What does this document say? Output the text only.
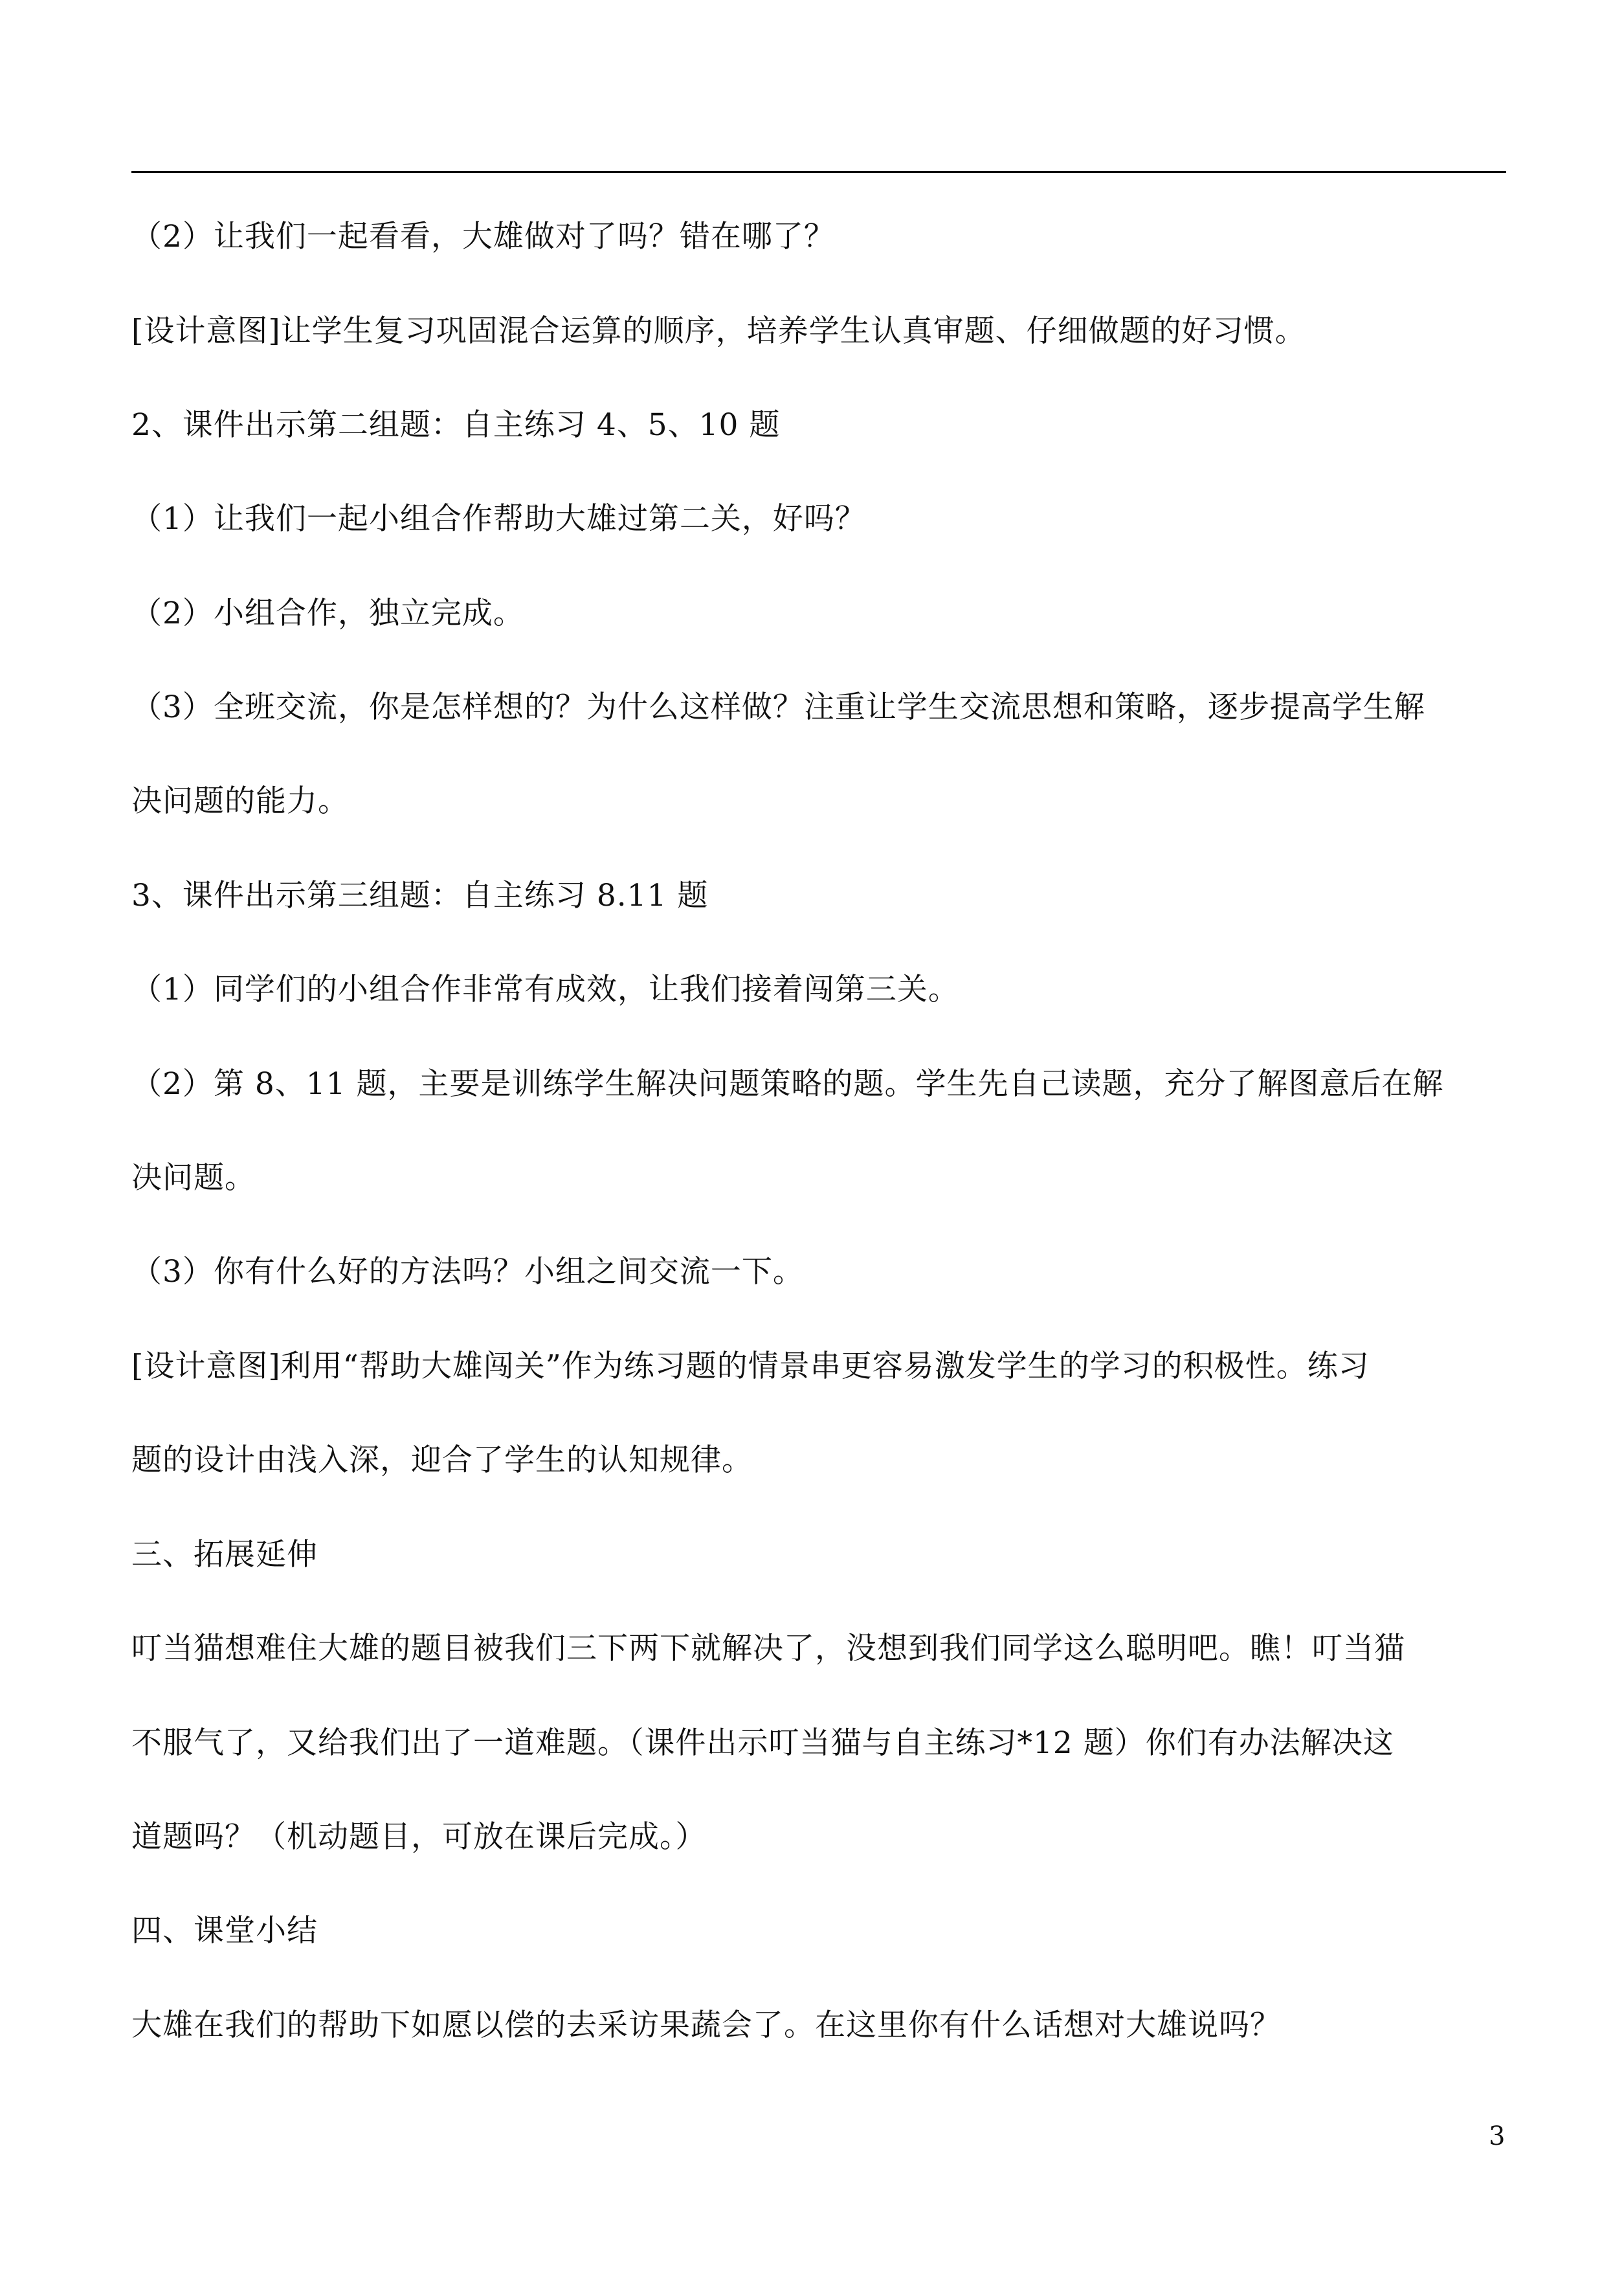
（2）让我们一起看看，大雄做对了吗？错在哪了？
[设计意图]让学生复习巩固混合运算的顺序，培养学生认真审题、仔细做题的好习惯。
2、课件出示第二组题：自主练习 4、5、10 题
（1）让我们一起小组合作帮助大雄过第二关，好吗？
（2）小组合作，独立完成。
（3）全班交流，你是怎样想的？为什么这样做？注重让学生交流思想和策略，逐步提高学生解
决问题的能力。
3、课件出示第三组题：自主练习 8.11 题
（1）同学们的小组合作非常有成效，让我们接着闯第三关。
（2）第 8、11 题，主要是训练学生解决问题策略的题。学生先自己读题，充分了解图意后在解
决问题。
（3）你有什么好的方法吗？小组之间交流一下。
[设计意图]利用“帮助大雄闯关”作为练习题的情景串更容易激发学生的学习的积极性。练习
题的设计由浅入深，迎合了学生的认知规律。
三、拓展延伸
叮当猫想难住大雄的题目被我们三下两下就解决了，没想到我们同学这么聪明吧。瞧！叮当猫
不服气了，又给我们出了一道难题。（课件出示叮当猫与自主练习*12 题）你们有办法解决这
道题吗？（机动题目，可放在课后完成。）
四、课堂小结
大雄在我们的帮助下如愿以偿的去采访果蔬会了。在这里你有什么话想对大雄说吗？
3
